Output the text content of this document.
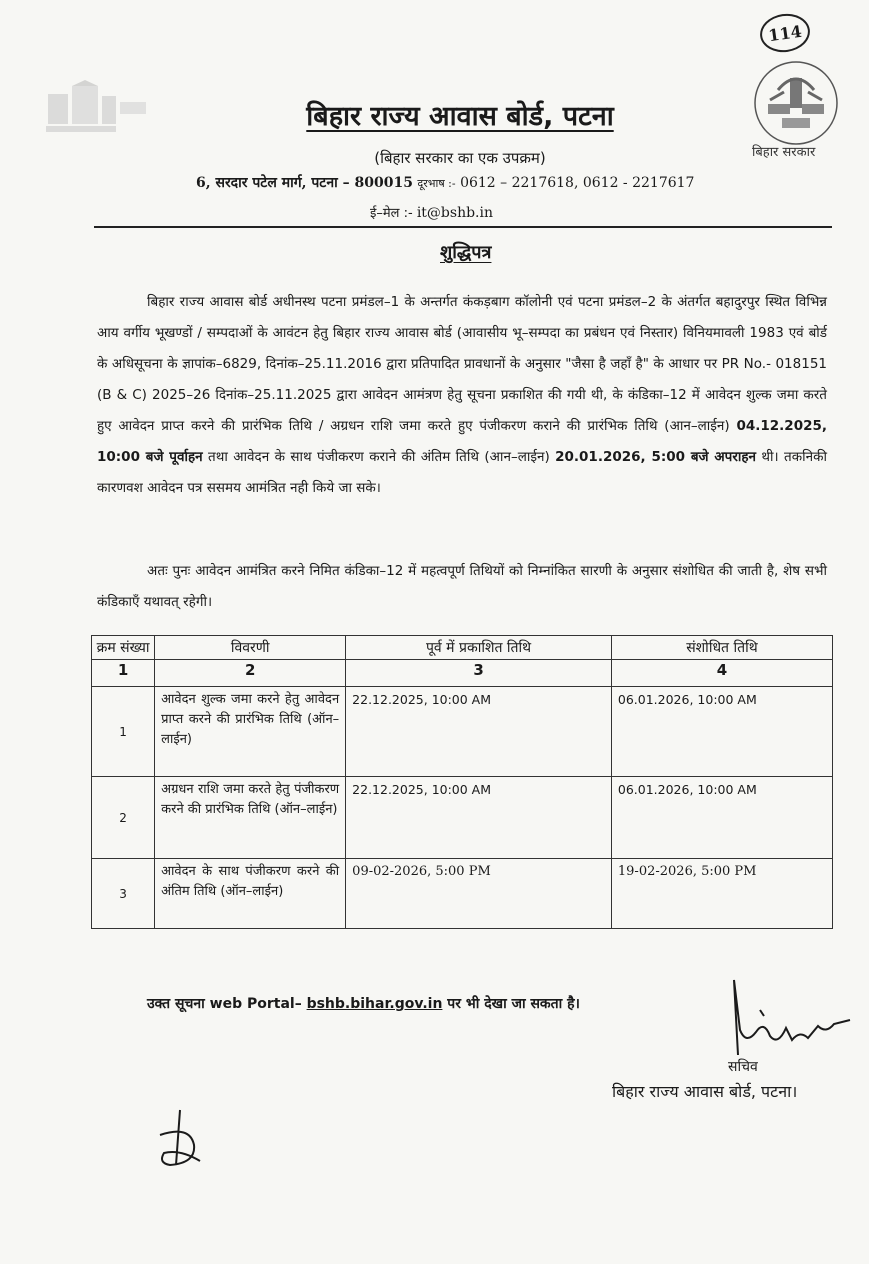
114
बिहार राज्य आवास बोर्ड, पटना
(बिहार सरकार का एक उपक्रम)
6, सरदार पटेल मार्ग, पटना – 800015 दूरभाष :- 0612 – 2217618, 0612 - 2217617
ई–मेल :- it@bshb.in
बिहार सरकार
शुद्धिपत्र

बिहार राज्य आवास बोर्ड अधीनस्थ पटना प्रमंडल–1 के अन्तर्गत कंकड़बाग कॉलोनी एवं पटना प्रमंडल–2 के अंतर्गत बहादुरपुर स्थित विभिन्न आय वर्गीय भूखण्डों / सम्पदाओं के आवंटन हेतु बिहार राज्य आवास बोर्ड (आवासीय भू–सम्पदा का प्रबंधन एवं निस्तार) विनियमावली 1983 एवं बोर्ड के अधिसूचना के ज्ञापांक–6829, दिनांक–25.11.2016 द्वारा प्रतिपादित प्रावधानों के अनुसार "जैसा है जहाँ है" के आधार पर PR No.- 018151 (B & C) 2025–26 दिनांक–25.11.2025 द्वारा आवेदन आमंत्रण हेतु सूचना प्रकाशित की गयी थी, के कंडिका–12 में आवेदन शुल्क जमा करते हुए आवेदन प्राप्त करने की प्रारंभिक तिथि / अग्रधन राशि जमा करते हुए पंजीकरण कराने की प्रारंभिक तिथि (आन–लाईन) 04.12.2025, 10:00 बजे पूर्वाहन तथा आवेदन के साथ पंजीकरण कराने की अंतिम तिथि (आन–लाईन) 20.01.2026, 5:00 बजे अपराहन थी। तकनिकी कारणवश आवेदन पत्र ससमय आमंत्रित नही किये जा सके।

अतः पुनः आवेदन आमंत्रित करने निमित कंडिका–12 में महत्वपूर्ण तिथियों को निम्नांकित सारणी के अनुसार संशोधित की जाती है, शेष सभी कंडिकाएँ यथावत् रहेगी।

क्रम संख्या	विवरणी	पूर्व में प्रकाशित तिथि	संशोधित तिथि
1	2	3	4
1	आवेदन शुल्क जमा करने हेतु आवेदन प्राप्त करने की प्रारंभिक तिथि (ऑन–लाईन)	22.12.2025, 10:00 AM	06.01.2026, 10:00 AM
2	अग्रधन राशि जमा करते हेतु पंजीकरण करने की प्रारंभिक तिथि (ऑन–लाईन)	22.12.2025, 10:00 AM	06.01.2026, 10:00 AM
3	आवेदन के साथ पंजीकरण करने की अंतिम तिथि (ऑन–लाईन)	09-02-2026, 5:00 PM	19-02-2026, 5:00 PM
उक्त सूचना web Portal– bshb.bihar.gov.in पर भी देखा जा सकता है।
सचिव
बिहार राज्य आवास बोर्ड, पटना।
